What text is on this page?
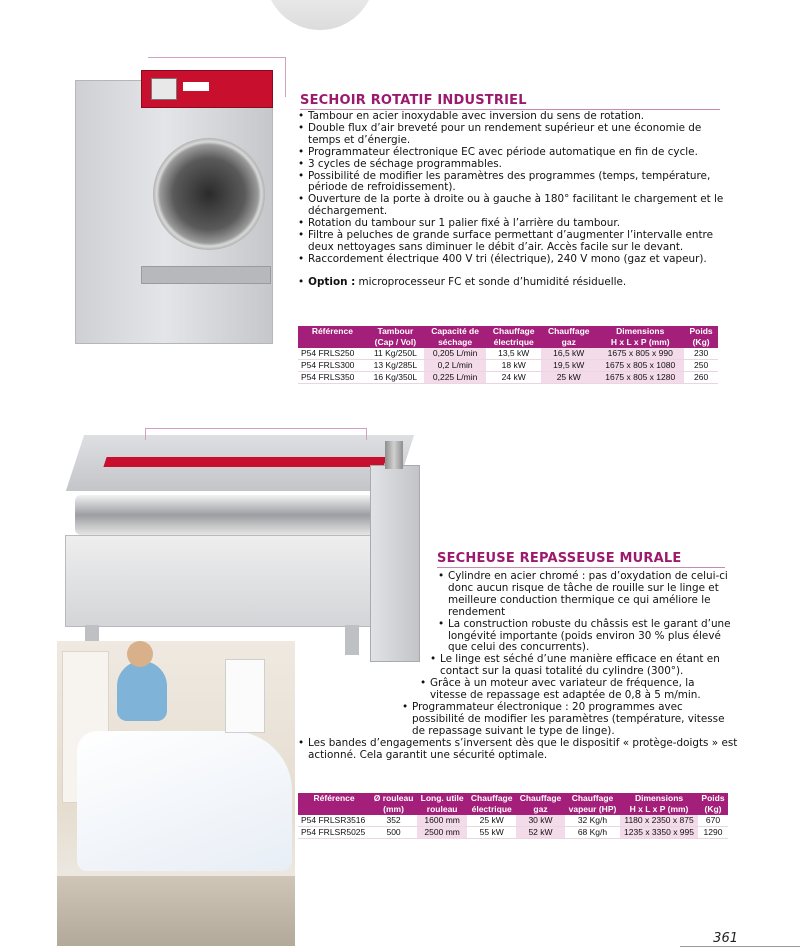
SECHOIR ROTATIF INDUSTRIEL
• Tambour en acier inoxydable avec inversion du sens de rotation.
• Double flux d’air breveté pour un rendement supérieur et une économie de temps et d’énergie.
• Programmateur électronique EC avec période automatique en fin de cycle.
• 3 cycles de séchage programmables.
• Possibilité de modifier les paramètres des programmes (temps, température, période de refroidissement).
• Ouverture de la porte à droite ou à gauche à 180° facilitant le chargement et le déchargement.
• Rotation du tambour sur 1 palier fixé à l’arrière du tambour.
• Filtre à peluches de grande surface permettant d’augmenter l’intervalle entre deux nettoyages sans diminuer le débit d’air. Accès facile sur le devant.
• Raccordement électrique 400 V tri (électrique), 240 V mono (gaz et vapeur).
• Option : microprocesseur FC et sonde d’humidité résiduelle.
Référence	Tambour	Capacité de	Chauffage	Chauffage	Dimensions	Poids
	(Cap / Vol)	séchage	électrique	gaz	H x L x P (mm)	(Kg)
P54 FRLS250	11 Kg/250L	0,205 L/min	13,5 kW	16,5 kW	1675 x 805 x 990	230
P54 FRLS300	13 Kg/285L	0,2 L/min	18 kW	19,5 kW	1675 x 805 x 1080	250
P54 FRLS350	16 Kg/350L	0,225 L/min	24 kW	25 kW	1675 x 805 x 1280	260
SECHEUSE REPASSEUSE MURALE
• Cylindre en acier chromé : pas d’oxydation de celui-ci donc aucun risque de tâche de rouille sur le linge et meilleure conduction thermique ce qui améliore le rendement
• La construction robuste du châssis est le garant d’une longévité importante (poids environ 30 % plus élevé que celui des concurrents).
• Le linge est séché d’une manière efficace en étant en contact sur la quasi totalité du cylindre (300°).
• Grâce à un moteur avec variateur de fréquence, la vitesse de repassage est adaptée de 0,8 à 5 m/min.
• Programmateur électronique : 20 programmes avec possibilité de modifier les paramètres (température, vitesse de repassage suivant le type de linge).
• Les bandes d’engagements s’inversent dès que le dispositif « protège-doigts » est actionné. Cela garantit une sécurité optimale.
Référence	Ø rouleau	Long. utile	Chauffage	Chauffage	Chauffage	Dimensions	Poids
	(mm)	rouleau	électrique	gaz	vapeur (HP)	H x L x P (mm)	(Kg)
P54 FRLSR3516	352	1600 mm	25 kW	30 kW	32 Kg/h	1180 x 2350 x 875	670
P54 FRLSR5025	500	2500 mm	55 kW	52 kW	68 Kg/h	1235 x 3350 x 995	1290
361
